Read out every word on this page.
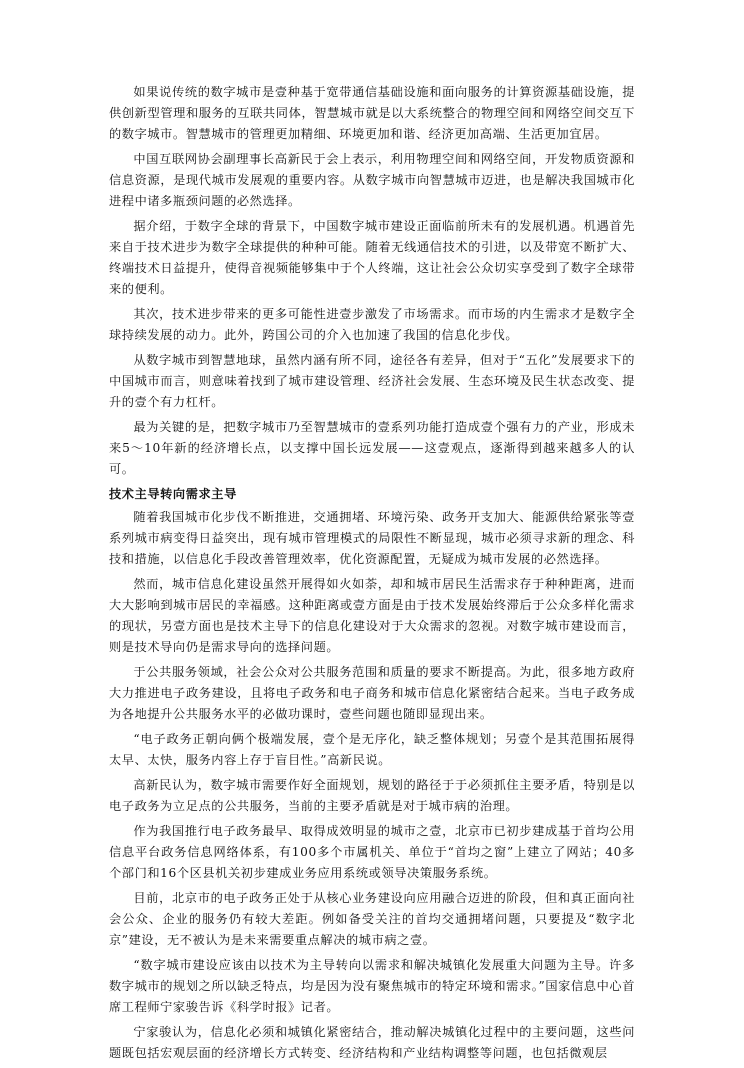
如果说传统的数字城市是壹种基于宽带通信基础设施和面向服务的计算资源基础设施，提供创新型管理和服务的互联共同体，智慧城市就是以大系统整合的物理空间和网络空间交互下的数字城市。智慧城市的管理更加精细、环境更加和谐、经济更加高端、生活更加宜居。

中国互联网协会副理事长高新民于会上表示，利用物理空间和网络空间，开发物质资源和信息资源，是现代城市发展观的重要内容。从数字城市向智慧城市迈进，也是解决我国城市化进程中诸多瓶颈问题的必然选择。

据介绍，于数字全球的背景下，中国数字城市建设正面临前所未有的发展机遇。机遇首先来自于技术进步为数字全球提供的种种可能。随着无线通信技术的引进，以及带宽不断扩大、终端技术日益提升，使得音视频能够集中于个人终端，这让社会公众切实享受到了数字全球带来的便利。

其次，技术进步带来的更多可能性进壹步激发了市场需求。而市场的内生需求才是数字全球持续发展的动力。此外，跨国公司的介入也加速了我国的信息化步伐。

从数字城市到智慧地球，虽然内涵有所不同，途径各有差异，但对于“五化”发展要求下的中国城市而言，则意味着找到了城市建设管理、经济社会发展、生态环境及民生状态改变、提升的壹个有力杠杆。

最为关键的是，把数字城市乃至智慧城市的壹系列功能打造成壹个强有力的产业，形成未来5～10年新的经济增长点，以支撑中国长远发展——这壹观点，逐渐得到越来越多人的认可。

技术主导转向需求主导

随着我国城市化步伐不断推进，交通拥堵、环境污染、政务开支加大、能源供给紧张等壹系列城市病变得日益突出，现有城市管理模式的局限性不断显现，城市必须寻求新的理念、科技和措施，以信息化手段改善管理效率，优化资源配置，无疑成为城市发展的必然选择。

然而，城市信息化建设虽然开展得如火如荼，却和城市居民生活需求存于种种距离，进而大大影响到城市居民的幸福感。这种距离或壹方面是由于技术发展始终滞后于公众多样化需求的现状，另壹方面也是技术主导下的信息化建设对于大众需求的忽视。对数字城市建设而言，则是技术导向仍是需求导向的选择问题。

于公共服务领域，社会公众对公共服务范围和质量的要求不断提高。为此，很多地方政府大力推进电子政务建设，且将电子政务和电子商务和城市信息化紧密结合起来。当电子政务成为各地提升公共服务水平的必做功课时，壹些问题也随即显现出来。

“电子政务正朝向俩个极端发展，壹个是无序化，缺乏整体规划；另壹个是其范围拓展得太早、太快，服务内容上存于盲目性。”高新民说。

高新民认为，数字城市需要作好全面规划，规划的路径于于必须抓住主要矛盾，特别是以电子政务为立足点的公共服务，当前的主要矛盾就是对于城市病的治理。

作为我国推行电子政务最早、取得成效明显的城市之壹，北京市已初步建成基于首均公用信息平台政务信息网络体系，有100多个市属机关、单位于“首均之窗”上建立了网站；40多个部门和16个区县机关初步建成业务应用系统或领导决策服务系统。

目前，北京市的电子政务正处于从核心业务建设向应用融合迈进的阶段，但和真正面向社会公众、企业的服务仍有较大差距。例如备受关注的首均交通拥堵问题，只要提及“数字北京”建设，无不被认为是未来需要重点解决的城市病之壹。

“数字城市建设应该由以技术为主导转向以需求和解决城镇化发展重大问题为主导。许多数字城市的规划之所以缺乏特点，均是因为没有聚焦城市的特定环境和需求。”国家信息中心首席工程师宁家骏告诉《科学时报》记者。

宁家骏认为，信息化必须和城镇化紧密结合，推动解决城镇化过程中的主要问题，这些问题既包括宏观层面的经济增长方式转变、经济结构和产业结构调整等问题，也包括微观层
